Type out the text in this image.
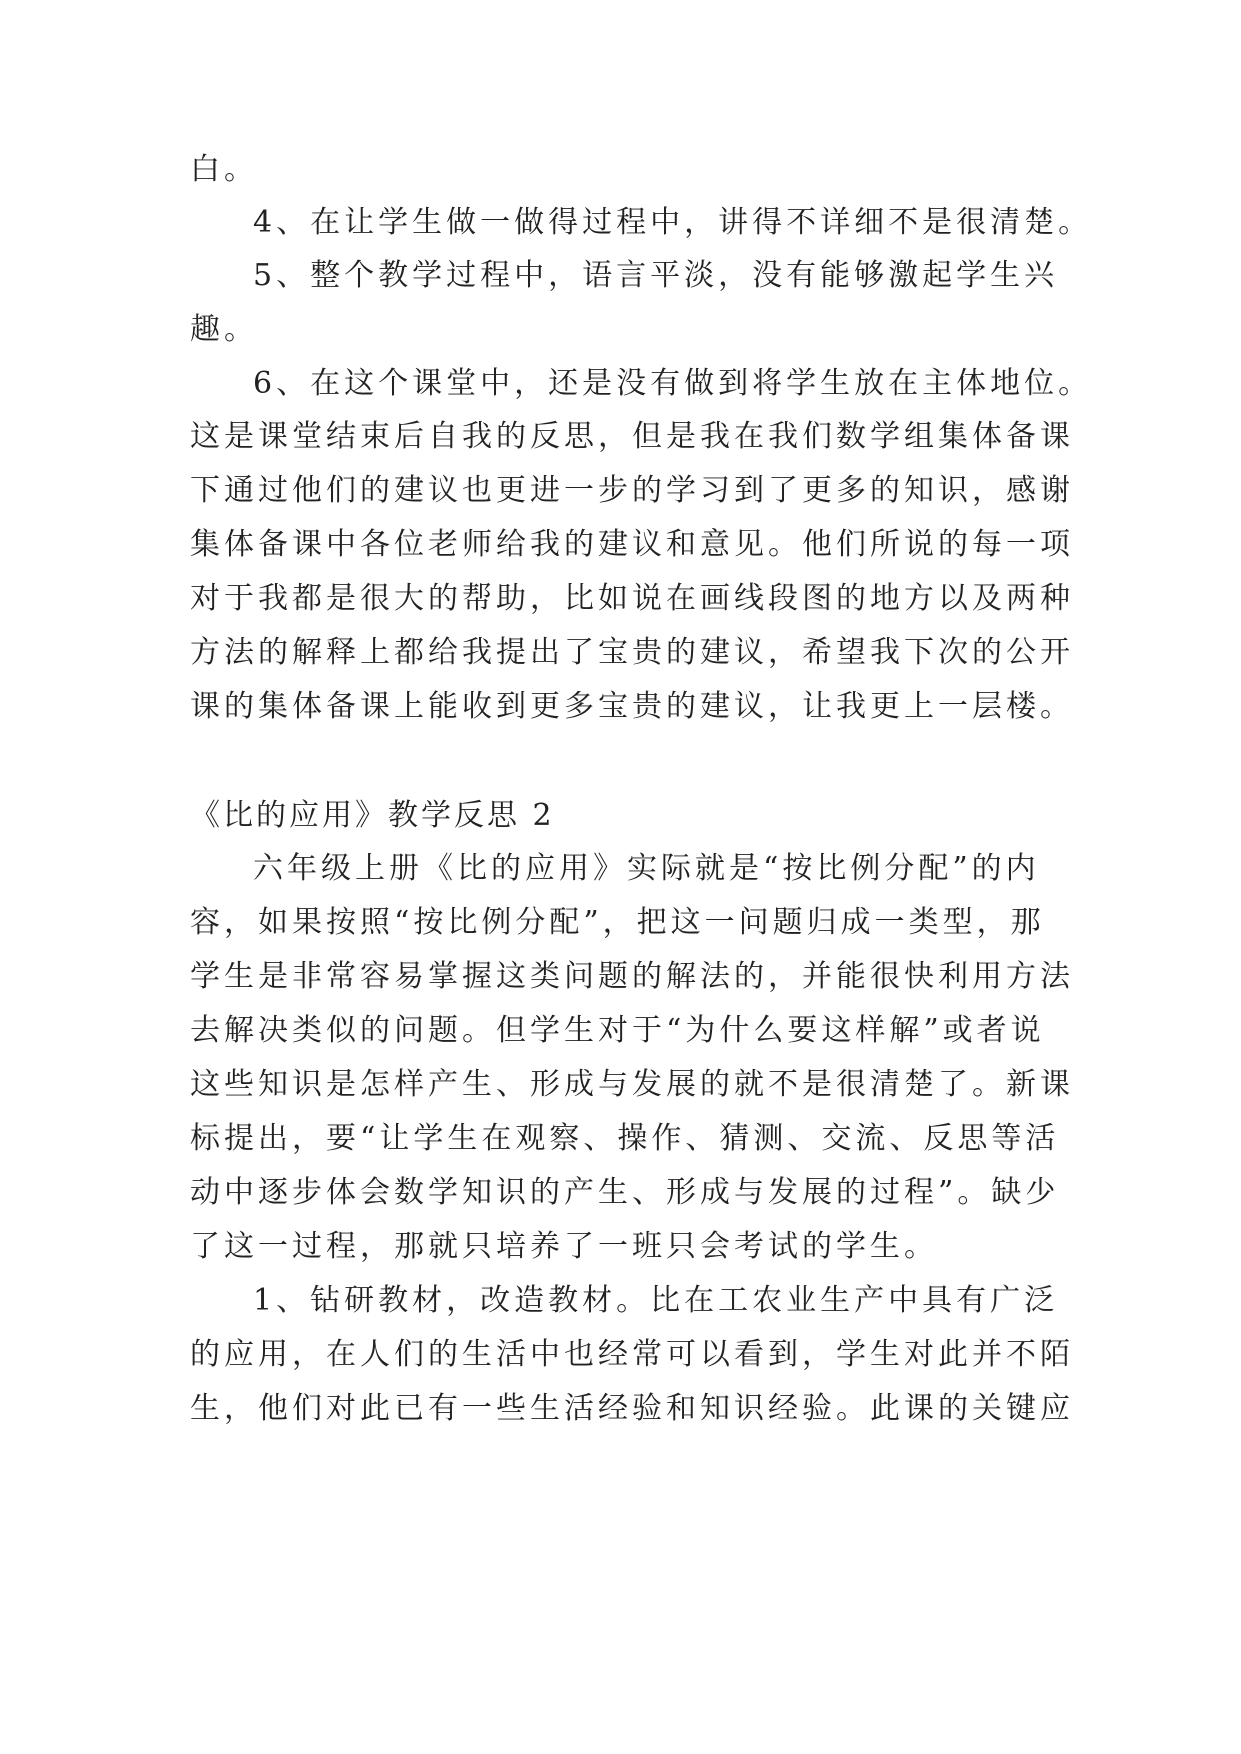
白。
4、在让学生做一做得过程中，讲得不详细不是很清楚。
5、整个教学过程中，语言平淡，没有能够激起学生兴
趣。
6、在这个课堂中，还是没有做到将学生放在主体地位。
这是课堂结束后自我的反思，但是我在我们数学组集体备课
下通过他们的建议也更进一步的学习到了更多的知识，感谢
集体备课中各位老师给我的建议和意见。他们所说的每一项
对于我都是很大的帮助，比如说在画线段图的地方以及两种
方法的解释上都给我提出了宝贵的建议，希望我下次的公开
课的集体备课上能收到更多宝贵的建议，让我更上一层楼。
《比的应用》教学反思 2
六年级上册《比的应用》实际就是“按比例分配”的内
容，如果按照“按比例分配”，把这一问题归成一类型，那
学生是非常容易掌握这类问题的解法的，并能很快利用方法
去解决类似的问题。但学生对于“为什么要这样解”或者说
这些知识是怎样产生、形成与发展的就不是很清楚了。新课
标提出，要“让学生在观察、操作、猜测、交流、反思等活
动中逐步体会数学知识的产生、形成与发展的过程”。缺少
了这一过程，那就只培养了一班只会考试的学生。
1、钻研教材，改造教材。比在工农业生产中具有广泛
的应用，在人们的生活中也经常可以看到，学生对此并不陌
生，他们对此已有一些生活经验和知识经验。此课的关键应
